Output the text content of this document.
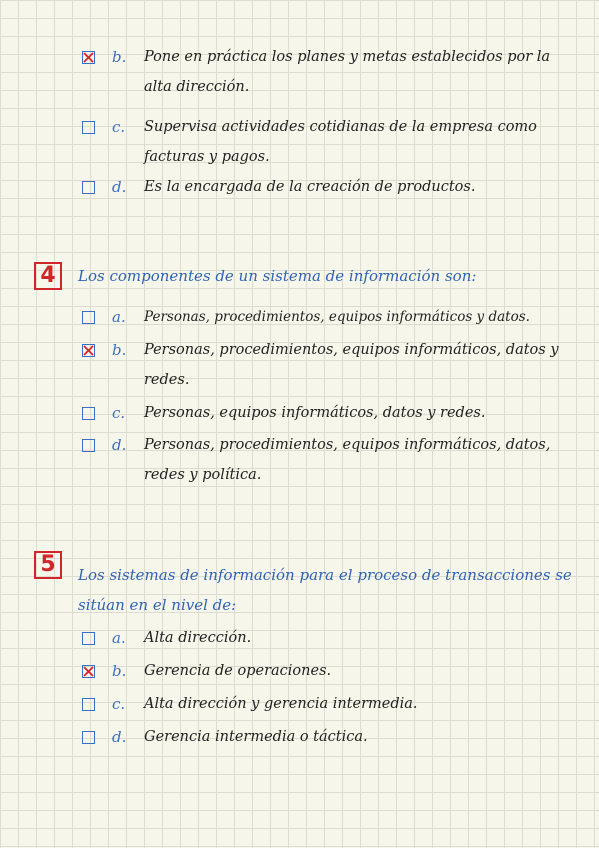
b. Pone en práctica los planes y metas establecidos por la alta dirección.
c. Supervisa actividades cotidianas de la empresa como facturas y pagos.
d. Es la encargada de la creación de productos.
4	Los componentes de un sistema de información son:
a. Personas, procedimientos, equipos informáticos y datos.
b. Personas, procedimientos, equipos informáticos, datos y redes.
c. Personas, equipos informáticos, datos y redes.
d. Personas, procedimientos, equipos informáticos, datos, redes y política.
5	Los sistemas de información para el proceso de transacciones se sitúan en el nivel de:
a. Alta dirección.
b. Gerencia de operaciones.
c. Alta dirección y gerencia intermedia.
d. Gerencia intermedia o táctica.
